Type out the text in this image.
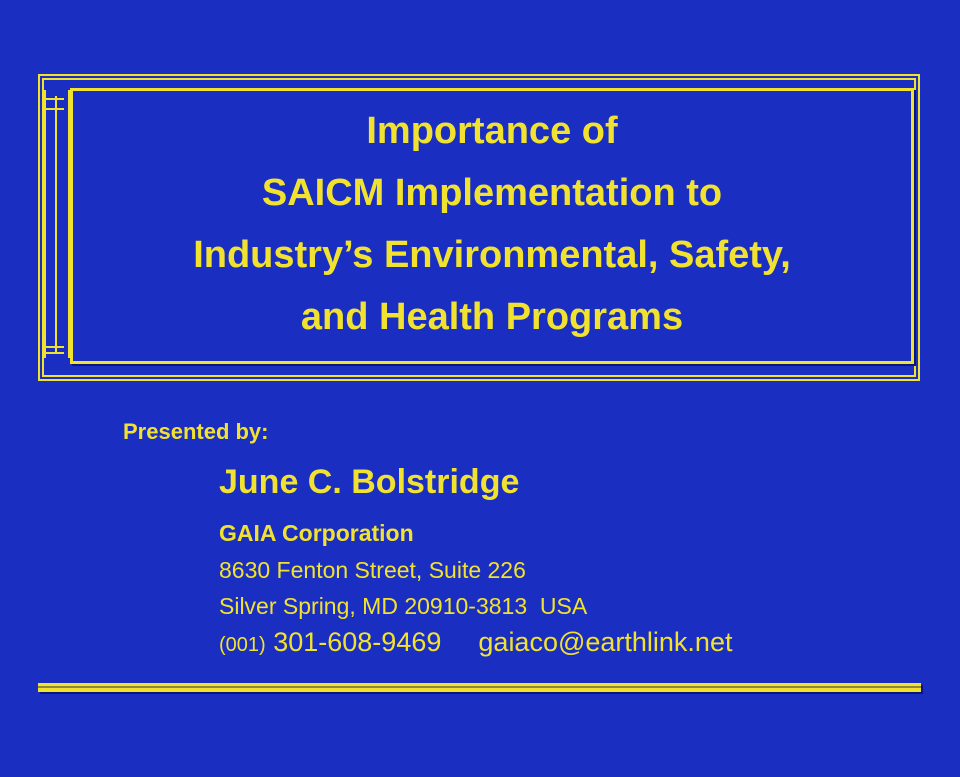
Importance of
SAICM Implementation to
Industry’s Environmental, Safety,
and Health Programs
Presented by:
June C. Bolstridge
GAIA Corporation
8630 Fenton Street, Suite 226
Silver Spring, MD 20910-3813  USA
(001) 301-608-9469 gaiaco@earthlink.net
